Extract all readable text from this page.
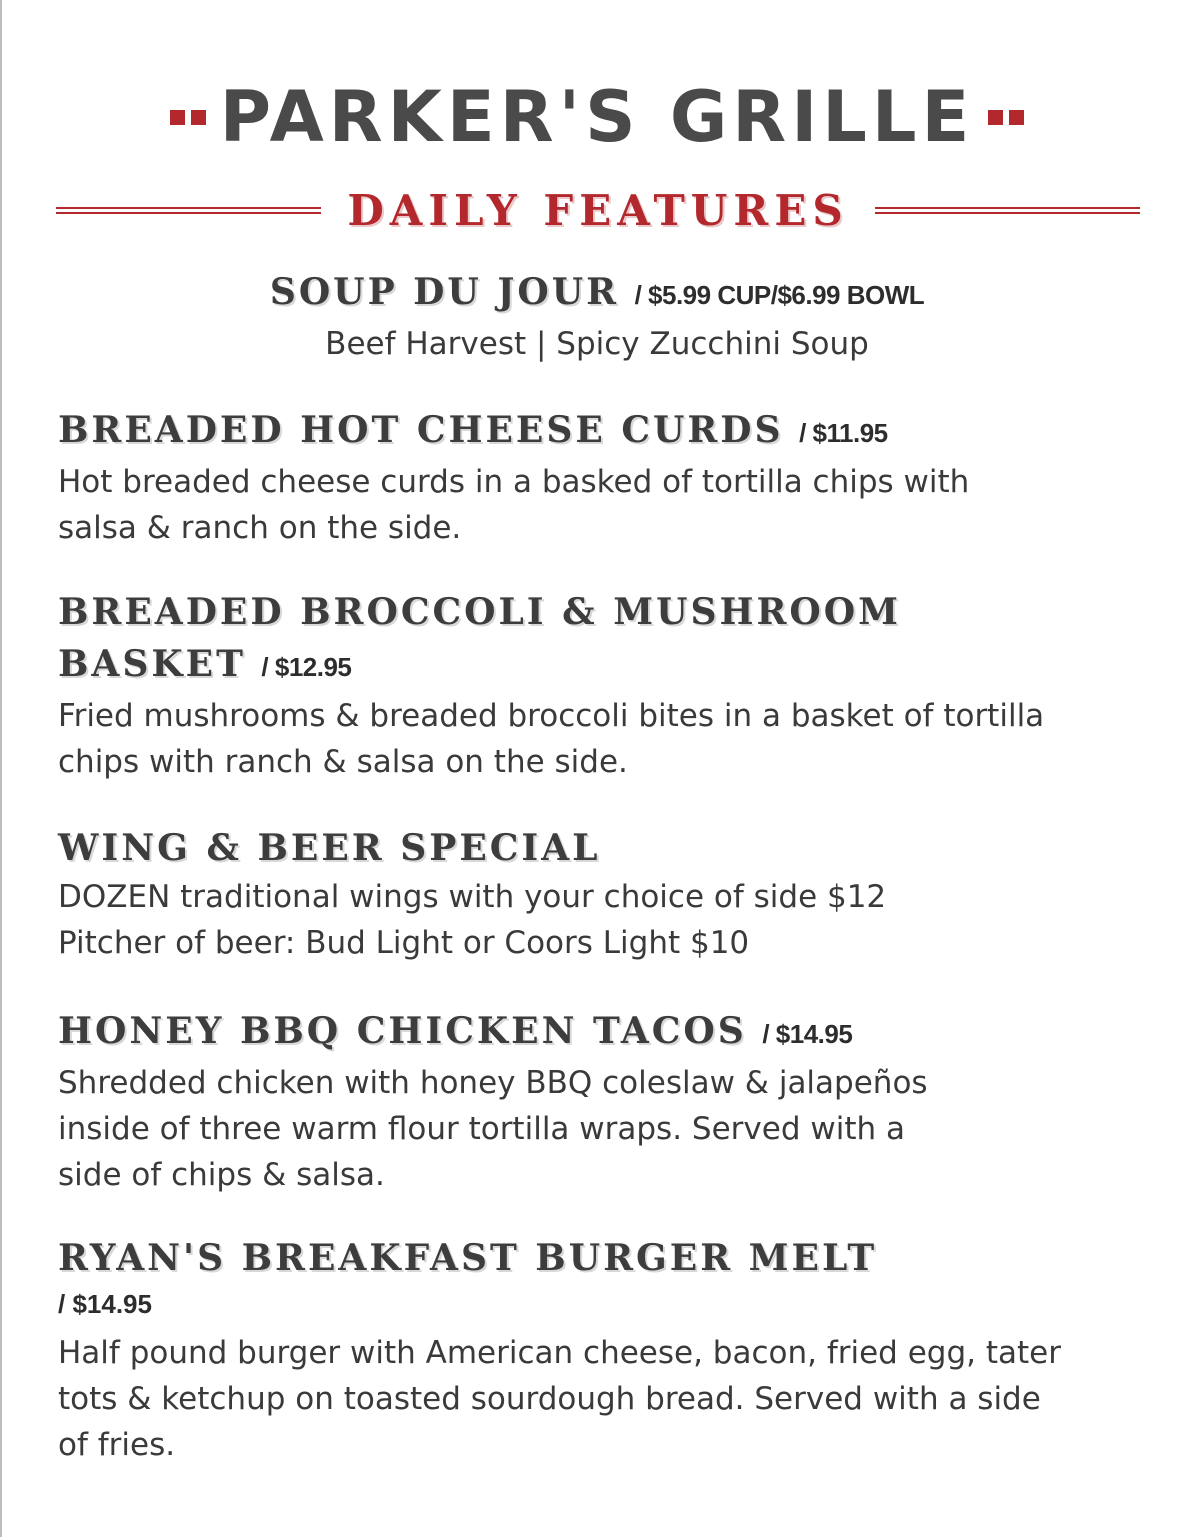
PARKER'S GRILLE
DAILY FEATURES
SOUP DU JOUR / $5.99 CUP/$6.99 BOWL
Beef Harvest | Spicy Zucchini Soup
BREADED HOT CHEESE CURDS / $11.95
Hot breaded cheese curds in a basked of tortilla chips with
salsa & ranch on the side.
BREADED BROCCOLI & MUSHROOM
BASKET / $12.95
Fried mushrooms & breaded broccoli bites in a basket of tortilla
chips with ranch & salsa on the side.
WING & BEER SPECIAL
DOZEN traditional wings with your choice of side $12
Pitcher of beer: Bud Light or Coors Light $10
HONEY BBQ CHICKEN TACOS / $14.95
Shredded chicken with honey BBQ coleslaw & jalapeños
inside of three warm flour tortilla wraps. Served with a
side of chips & salsa.
RYAN'S BREAKFAST BURGER MELT
/ $14.95
Half pound burger with American cheese, bacon, fried egg, tater
tots & ketchup on toasted sourdough bread. Served with a side
of fries.
